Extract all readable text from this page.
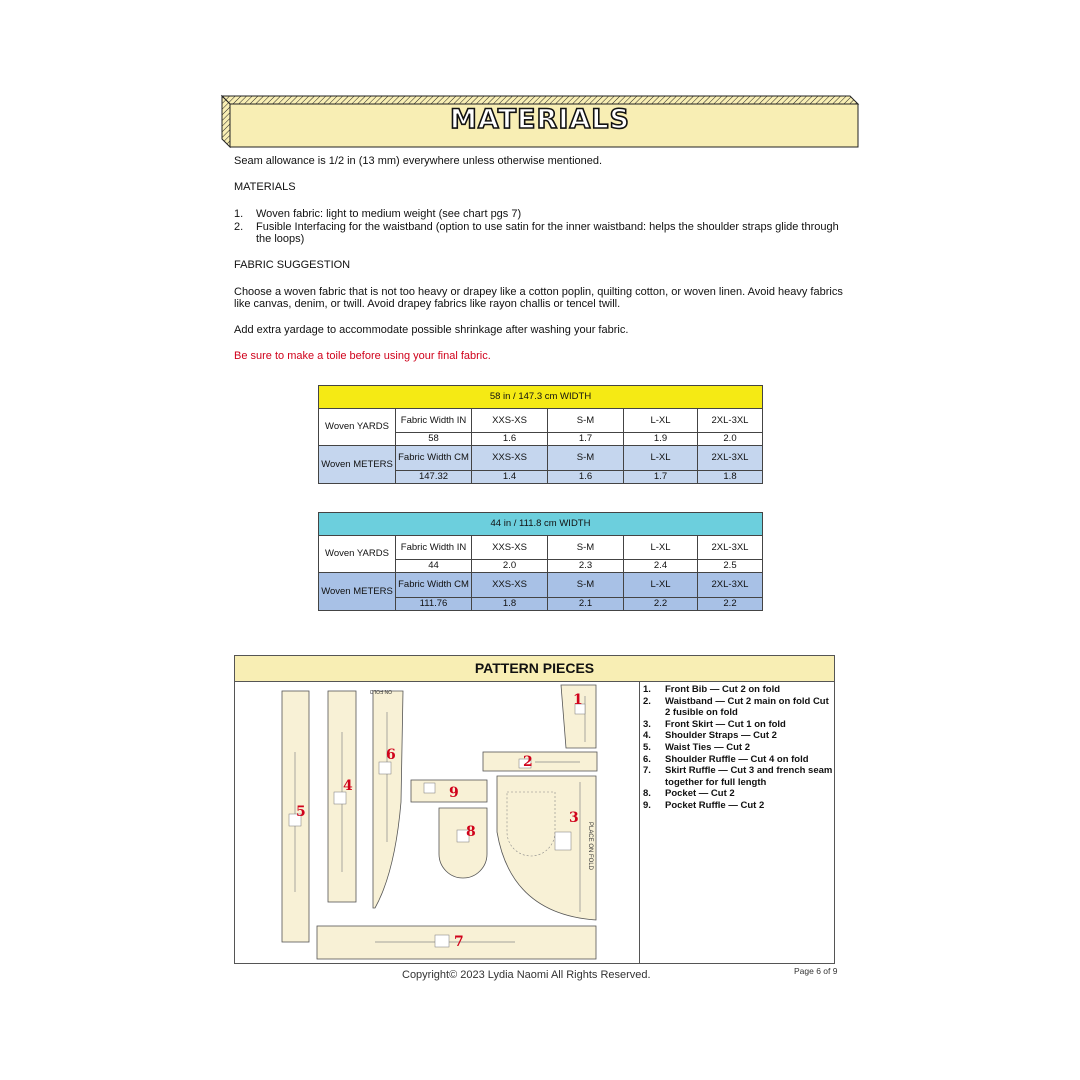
MATERIALS
Seam allowance is 1/2 in (13 mm) everywhere unless otherwise mentioned.
MATERIALS
1. Woven fabric: light to medium weight (see chart pgs 7)
2. Fusible Interfacing for the waistband (option to use satin for the inner waistband: helps the shoulder straps glide through the loops)
FABRIC SUGGESTION
Choose a woven fabric that is not too heavy or drapey like a cotton poplin, quilting cotton, or woven linen. Avoid heavy fabrics like canvas, denim, or twill. Avoid drapey fabrics like rayon challis or tencel twill.
Add extra yardage to accommodate possible shrinkage after washing your fabric.
Be sure to make a toile before using your final fabric.
58 in / 147.3 cm WIDTH					
Woven YARDS	Fabric Width IN	XXS-XS	S-M	L-XL	2XL-3XL
	58	1.6	1.7	1.9	2.0
Woven METERS	Fabric Width CM	XXS-XS	S-M	L-XL	2XL-3XL
	147.32	1.4	1.6	1.7	1.8
44 in / 111.8 cm WIDTH					
Woven YARDS	Fabric Width IN	XXS-XS	S-M	L-XL	2XL-3XL
	44	2.0	2.3	2.4	2.5
Woven METERS	Fabric Width CM	XXS-XS	S-M	L-XL	2XL-3XL
	111.76	1.8	2.1	2.2	2.2
PATTERN PIECES
ON FOLD
PLACE ON FOLD
5
4
6
1
2
9
8
3
7
1. Front Bib — Cut 2 on fold
2. Waistband — Cut 2 main on fold Cut 2 fusible on fold
3. Front Skirt — Cut 1 on fold
4. Shoulder Straps — Cut 2
5. Waist Ties — Cut 2
6. Shoulder Ruffle — Cut 4 on fold
7. Skirt Ruffle — Cut 3 and french seam together for full length
8. Pocket — Cut 2
9. Pocket Ruffle — Cut 2
Copyright© 2023 Lydia Naomi All Rights Reserved.	Page 6 of 9
